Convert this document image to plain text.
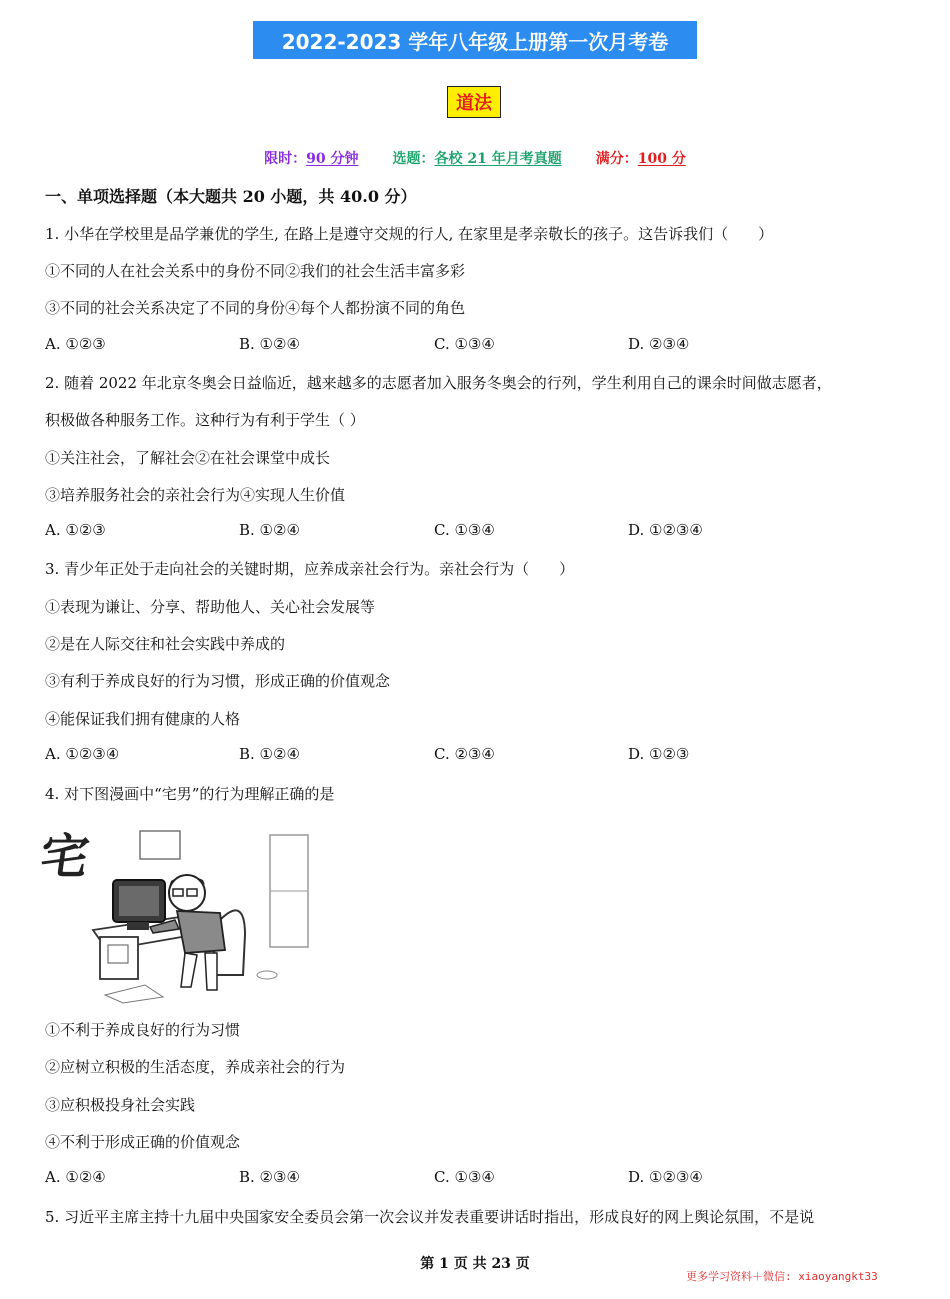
2022-2023 学年八年级上册第一次月考卷
道法
限时：90 分钟 选题：各校 21 年月考真题 满分：100 分
一、单项选择题（本大题共 20 小题，共 40.0 分）
1. 小华在学校里是品学兼优的学生, 在路上是遵守交规的行人, 在家里是孝亲敬长的孩子。这告诉我们（　　）
①不同的人在社会关系中的身份不同②我们的社会生活丰富多彩
③不同的社会关系决定了不同的身份④每个人都扮演不同的角色
A. ①②③	B. ①②④	C. ①③④	D. ②③④
2. 随着 2022 年北京冬奥会日益临近，越来越多的志愿者加入服务冬奥会的行列，学生利用自己的课余时间做志愿者，
积极做各种服务工作。这种行为有利于学生（ ）
①关注社会，了解社会②在社会课堂中成长
③培养服务社会的亲社会行为④实现人生价值
A. ①②③	B. ①②④	C. ①③④	D. ①②③④
3. 青少年正处于走向社会的关键时期，应养成亲社会行为。亲社会行为（　　）
①表现为谦让、分享、帮助他人、关心社会发展等
②是在人际交往和社会实践中养成的
③有利于养成良好的行为习惯，形成正确的价值观念
④能保证我们拥有健康的人格
A. ①②③④	B. ①②④	C. ②③④	D. ①②③
4. 对下图漫画中“宅男”的行为理解正确的是
宅
①不利于养成良好的行为习惯
②应树立积极的生活态度，养成亲社会的行为
③应积极投身社会实践
④不利于形成正确的价值观念
A. ①②④	B. ②③④	C. ①③④	D. ①②③④
5. 习近平主席主持十九届中央国家安全委员会第一次会议并发表重要讲话时指出，形成良好的网上舆论氛围，不是说
第 1 页 共 23 页
更多学习资料＋微信: xiaoyangkt33
